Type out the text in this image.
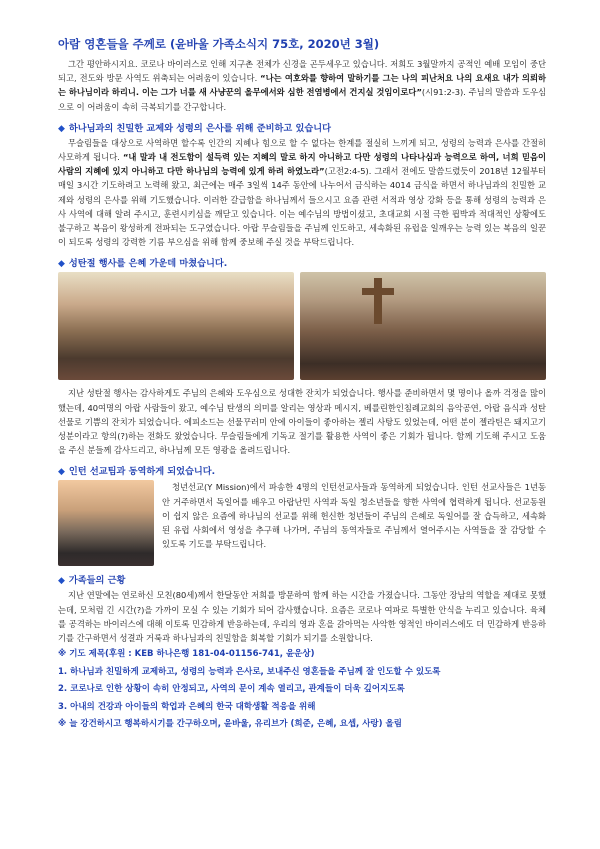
아람 영혼들을 주께로 (윤바울 가족소식지 75호, 2020년 3월)

그간 평안하시지요. 코로나 바이러스로 인해 지구촌 전체가 신경을 곤두세우고 있습니다. 저희도 3월말까지 공적인 예배 모임이 중단되고, 전도와 방문 사역도 위축되는 어려움이 있습니다. “나는 여호와를 향하여 말하기를 그는 나의 피난처요 나의 요새요 내가 의뢰하는 하나님이라 하리니. 이는 그가 너를 새 사냥꾼의 올무에서와 심한 전염병에서 건지실 것임이로다”(시91:2-3). 주님의 말씀과 도우심으로 이 어려움이 속히 극복되기를 간구합니다.

◆ 하나님과의 친밀한 교제와 성령의 은사를 위해 준비하고 있습니다

무슬림들을 대상으로 사역하면 할수록 인간의 지혜나 힘으로 할 수 없다는 한계를 절실히 느끼게 되고, 성령의 능력과 은사를 간절히 사모하게 됩니다. “내 말과 내 전도함이 설득력 있는 지혜의 말로 하지 아니하고 다만 성령의 나타나심과 능력으로 하여, 너희 믿음이 사람의 지혜에 있지 아니하고 다만 하나님의 능력에 있게 하려 하였노라”(고전2:4-5). 그래서 전에도 말씀드렸듯이 2018년 12월부터 매일 3시간 기도하려고 노력해 왔고, 최근에는 매주 3일씩 14주 동안에 나누어서 금식하는 4014 금식을 하면서 하나님과의 친밀한 교제와 성령의 은사를 위해 기도했습니다. 이러한 갈급함을 하나님께서 들으시고 요즘 관련 서적과 영상 강화 등을 통해 성령의 능력과 은사 사역에 대해 알려 주시고, 훈련시키심을 깨닫고 있습니다. 이는 예수님의 방법이셨고, 초대교회 시절 극한 핍박과 적대적인 상황에도 불구하고 복음이 왕성하게 전파되는 도구였습니다. 아랍 무슬림들을 주님께 인도하고, 세속화된 유럽을 일깨우는 능력 있는 복음의 일꾼이 되도록 성령의 강력한 기름 부으심을 위해 함께 중보해 주실 것을 부탁드립니다.

◆ 성탄절 행사를 은혜 가운데 마쳤습니다.

지난 성탄절 행사는 감사하게도 주님의 은혜와 도우심으로 성대한 잔치가 되었습니다. 행사를 준비하면서 몇 명이나 올까 걱정을 많이 했는데, 40여명의 아랍 사람들이 왔고, 예수님 탄생의 의미를 알리는 영상과 메시지, 베를린한인침례교회의 음악공연, 아랍 음식과 성탄 선물로 기쁨의 잔치가 되었습니다. 에피소드는 선물꾸러미 안에 아이들이 좋아하는 젤리 사탕도 있었는데, 어떤 분이 젤라틴은 돼지고기 성분이라고 항의(?)하는 전화도 왔었습니다. 무슬림들에게 기독교 절기를 활용한 사역이 좋은 기회가 됩니다. 함께 기도해 주시고 도움을 주신 분들께 감사드리고, 하나님께 모든 영광을 올려드립니다.

◆ 인턴 선교팀과 동역하게 되었습니다.

청년선교(Y Mission)에서 파송한 4명의 인턴선교사들과 동역하게 되었습니다. 인턴 선교사들은 1년동안 거주하면서 독일어를 배우고 아랍난민 사역과 독일 청소년들을 향한 사역에 협력하게 됩니다. 선교동원이 쉽지 않은 요즘에 하나님의 선교를 위해 헌신한 청년들이 주님의 은혜로 독일어를 잘 습득하고, 세속화된 유럽 사회에서 영성을 추구해 나가며, 주님의 동역자들로 주님께서 열어주시는 사역들을 잘 감당할 수 있도록 기도를 부탁드립니다.

◆ 가족들의 근황

지난 연말에는 연로하신 모친(80세)께서 한달동안 저희를 방문하여 함께 하는 시간을 가졌습니다. 그동안 장남의 역할을 제대로 못했는데, 모처럼 긴 시간(?)을 가까이 모실 수 있는 기회가 되어 감사했습니다. 요즘은 코로나 여파로 특별한 안식을 누리고 있습니다. 육체를 공격하는 바이러스에 대해 이토록 민감하게 반응하는데, 우리의 영과 혼을 갉아먹는 사악한 영적인 바이러스에도 더 민감하게 반응하기를 간구하면서 성결과 거룩과 하나님과의 친밀함을 회복할 기회가 되기를 소원합니다.

※ 기도 제목(후원 : KEB 하나은행 181-04-01156-741, 윤운상)
1. 하나님과 친밀하게 교제하고, 성령의 능력과 은사로, 보내주신 영혼들을 주님께 잘 인도할 수 있도록
2. 코로나로 인한 상황이 속히 안정되고, 사역의 문이 계속 열리고, 관계들이 더욱 깊어지도록
3. 아내의 건강과 아이들의 학업과 은혜의 한국 대학생활 적응을 위해
※ 늘 강건하시고 행복하시기를 간구하오며, 윤바울, 유리브가 (희준, 은혜, 요셉, 사랑) 올림
